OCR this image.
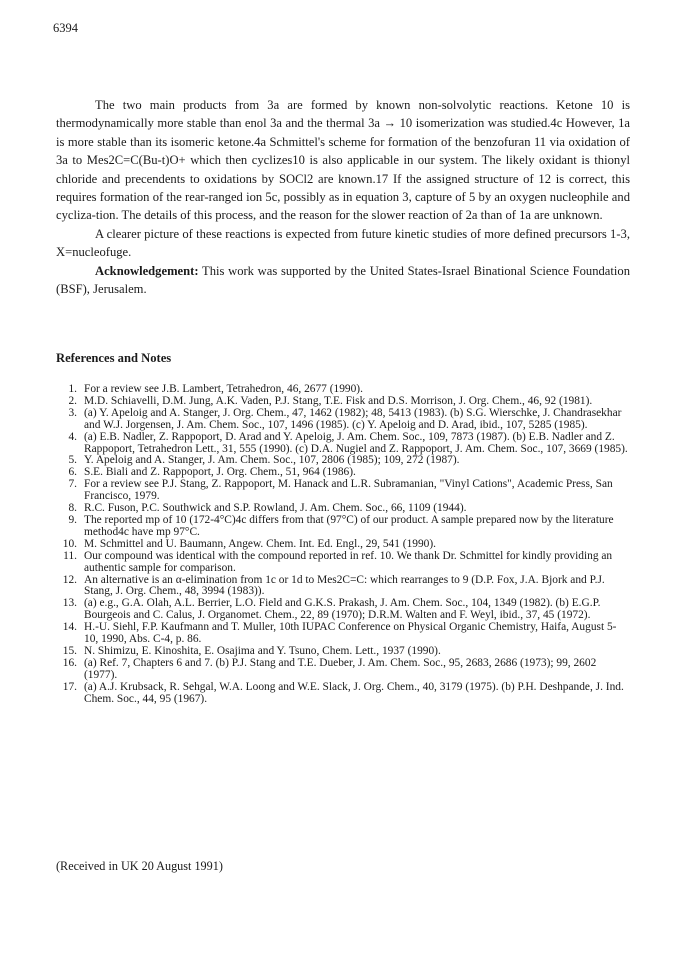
6394

The two main products from 3a are formed by known non-solvolytic reactions. Ketone 10 is thermodynamically more stable than enol 3a and the thermal 3a → 10 isomerization was studied.4c However, 1a is more stable than its isomeric ketone.4a Schmittel's scheme for formation of the benzofuran 11 via oxidation of 3a to Mes2C=C(Bu-t)O+ which then cyclizes10 is also applicable in our system. The likely oxidant is thionyl chloride and precendents to oxidations by SOCl2 are known.17 If the assigned structure of 12 is correct, this requires formation of the rear-ranged ion 5c, possibly as in equation 3, capture of 5 by an oxygen nucleophile and cycliza-tion. The details of this process, and the reason for the slower reaction of 2a than of 1a are unknown.

A clearer picture of these reactions is expected from future kinetic studies of more defined precursors 1-3, X=nucleofuge.

Acknowledgement: This work was supported by the United States-Israel Binational Science Foundation (BSF), Jerusalem.

References and Notes
1. For a review see J.B. Lambert, Tetrahedron, 46, 2677 (1990).
2. M.D. Schiavelli, D.M. Jung, A.K. Vaden, P.J. Stang, T.E. Fisk and D.S. Morrison, J. Org. Chem., 46, 92 (1981).
3. (a) Y. Apeloig and A. Stanger, J. Org. Chem., 47, 1462 (1982); 48, 5413 (1983). (b) S.G. Wierschke, J. Chandrasekhar and W.J. Jorgensen, J. Am. Chem. Soc., 107, 1496 (1985). (c) Y. Apeloig and D. Arad, ibid., 107, 5285 (1985).
4. (a) E.B. Nadler, Z. Rappoport, D. Arad and Y. Apeloig, J. Am. Chem. Soc., 109, 7873 (1987). (b) E.B. Nadler and Z. Rappoport, Tetrahedron Lett., 31, 555 (1990). (c) D.A. Nugiel and Z. Rappoport, J. Am. Chem. Soc., 107, 3669 (1985).
5. Y. Apeloig and A. Stanger, J. Am. Chem. Soc., 107, 2806 (1985); 109, 272 (1987).
6. S.E. Biali and Z. Rappoport, J. Org. Chem., 51, 964 (1986).
7. For a review see P.J. Stang, Z. Rappoport, M. Hanack and L.R. Subramanian, "Vinyl Cations", Academic Press, San Francisco, 1979.
8. R.C. Fuson, P.C. Southwick and S.P. Rowland, J. Am. Chem. Soc., 66, 1109 (1944).
9. The reported mp of 10 (172-4°C)4c differs from that (97°C) of our product. A sample prepared now by the literature method4c have mp 97°C.
10. M. Schmittel and U. Baumann, Angew. Chem. Int. Ed. Engl., 29, 541 (1990).
11. Our compound was identical with the compound reported in ref. 10. We thank Dr. Schmittel for kindly providing an authentic sample for comparison.
12. An alternative is an α-elimination from 1c or 1d to Mes2C=C: which rearranges to 9 (D.P. Fox, J.A. Bjork and P.J. Stang, J. Org. Chem., 48, 3994 (1983)).
13. (a) e.g., G.A. Olah, A.L. Berrier, L.O. Field and G.K.S. Prakash, J. Am. Chem. Soc., 104, 1349 (1982). (b) E.G.P. Bourgeois and C. Calus, J. Organomet. Chem., 22, 89 (1970); D.R.M. Walten and F. Weyl, ibid., 37, 45 (1972).
14. H.-U. Siehl, F.P. Kaufmann and T. Muller, 10th IUPAC Conference on Physical Organic Chemistry, Haifa, August 5-10, 1990, Abs. C-4, p. 86.
15. N. Shimizu, E. Kinoshita, E. Osajima and Y. Tsuno, Chem. Lett., 1937 (1990).
16. (a) Ref. 7, Chapters 6 and 7. (b) P.J. Stang and T.E. Dueber, J. Am. Chem. Soc., 95, 2683, 2686 (1973); 99, 2602 (1977).
17. (a) A.J. Krubsack, R. Sehgal, W.A. Loong and W.E. Slack, J. Org. Chem., 40, 3179 (1975). (b) P.H. Deshpande, J. Ind. Chem. Soc., 44, 95 (1967).
(Received in UK 20 August 1991)
